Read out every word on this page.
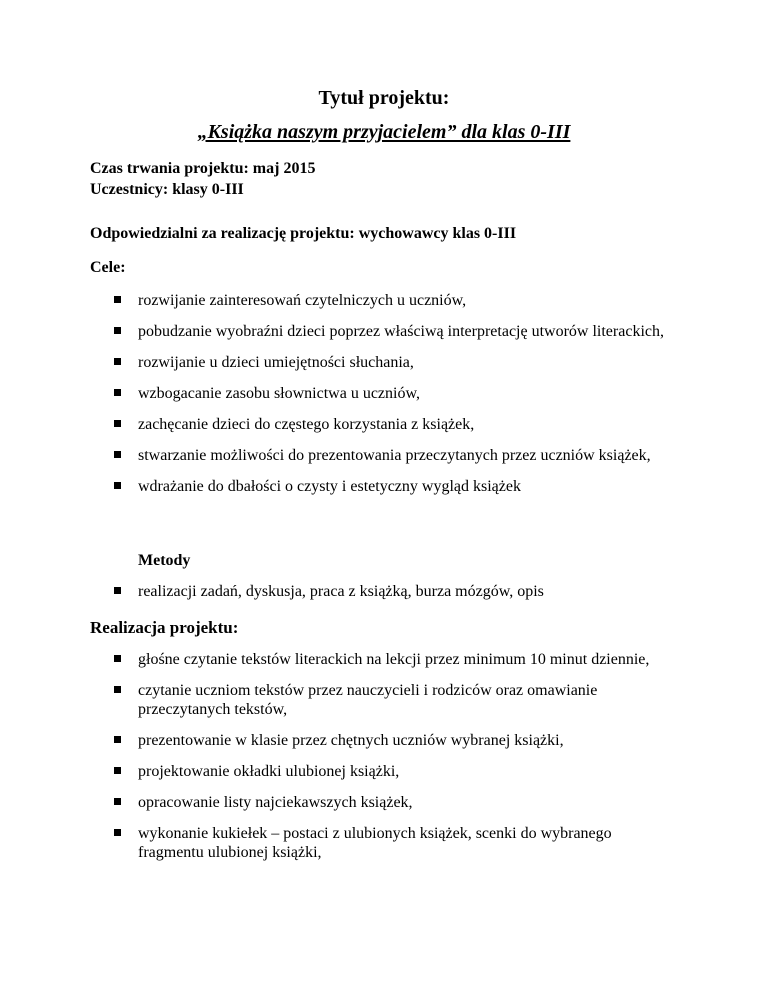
Tytuł projektu:
„Książka naszym przyjacielem” dla klas 0-III
Czas trwania projektu: maj 2015
Uczestnicy: klasy 0-III
Odpowiedzialni za realizację projektu: wychowawcy klas 0-III
Cele:
rozwijanie zainteresowań czytelniczych u uczniów,
pobudzanie wyobraźni dzieci poprzez właściwą interpretację utworów literackich,
rozwijanie u dzieci umiejętności słuchania,
wzbogacanie zasobu słownictwa u uczniów,
zachęcanie dzieci do częstego korzystania z książek,
stwarzanie możliwości do prezentowania przeczytanych przez uczniów książek,
wdrażanie do dbałości o czysty i estetyczny wygląd książek
Metody
realizacji zadań, dyskusja, praca z książką, burza mózgów, opis
Realizacja projektu:
głośne czytanie tekstów literackich na lekcji przez minimum 10 minut dziennie,
czytanie uczniom tekstów przez nauczycieli i rodziców oraz omawianie przeczytanych tekstów,
prezentowanie w klasie przez chętnych uczniów wybranej książki,
projektowanie okładki ulubionej książki,
opracowanie listy najciekawszych książek,
wykonanie kukiełek – postaci z ulubionych książek, scenki do wybranego fragmentu ulubionej książki,
